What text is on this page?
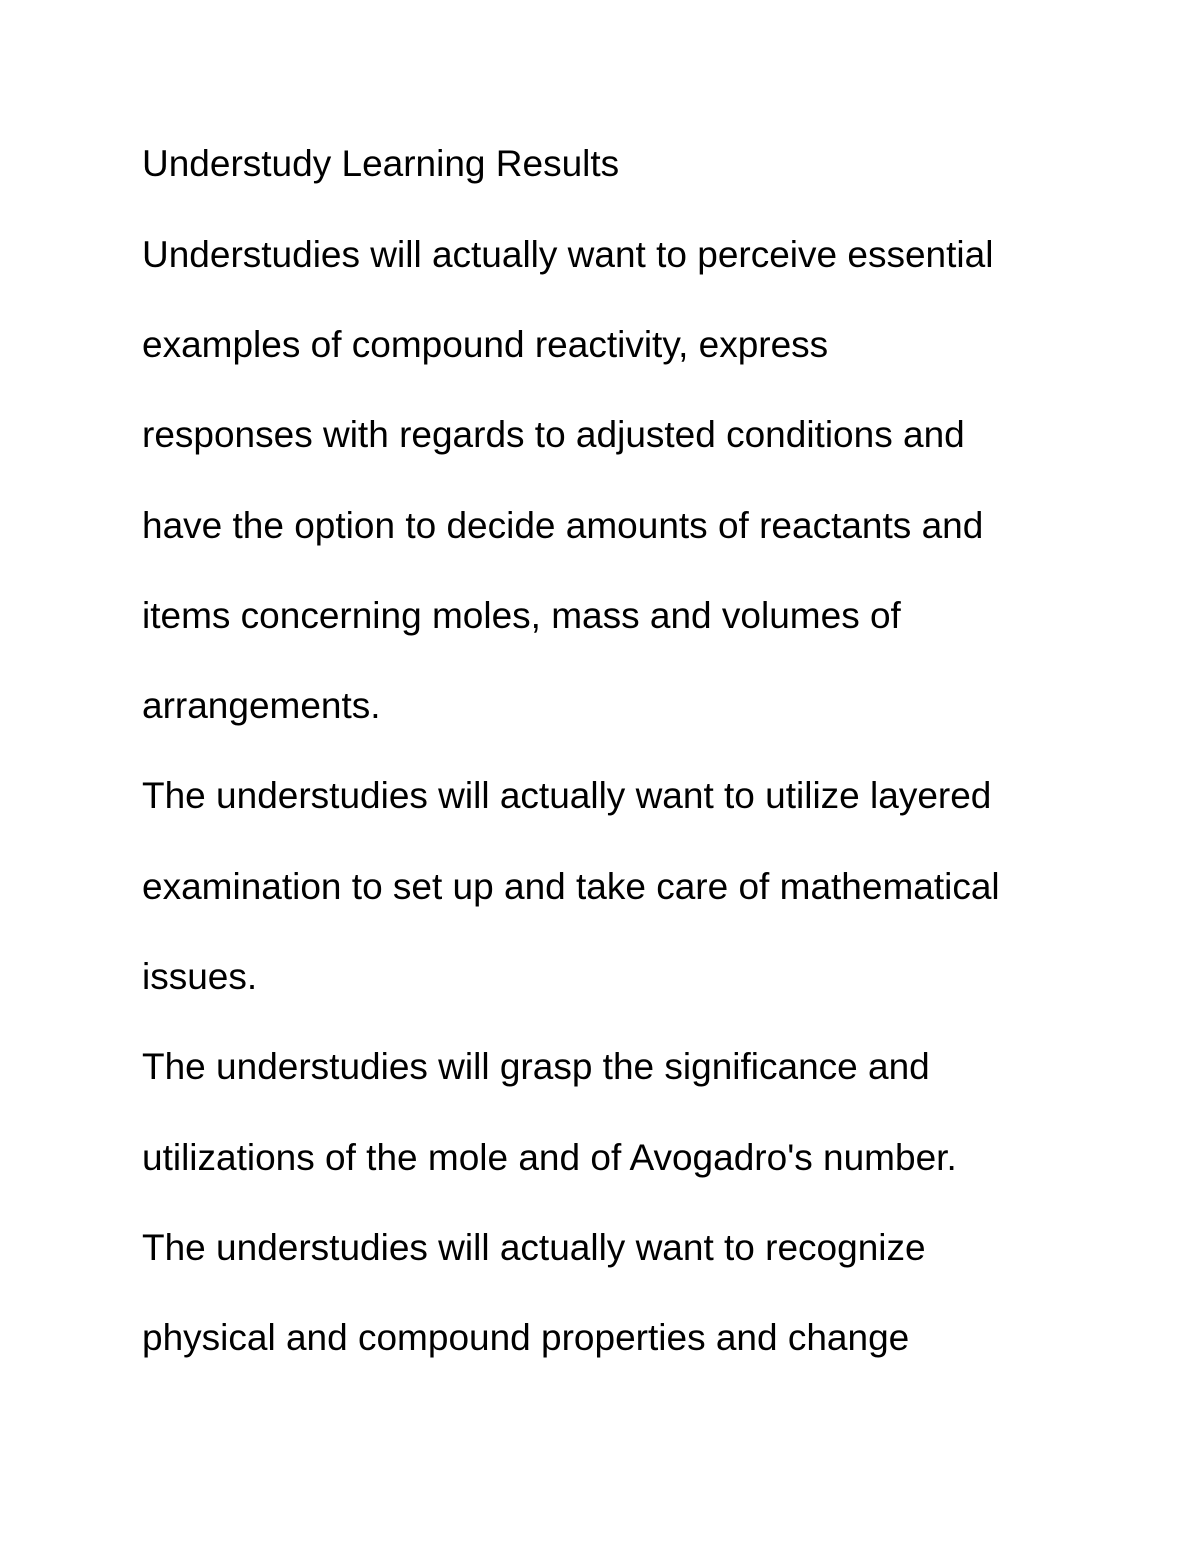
Understudy Learning Results

Understudies will actually want to perceive essential

examples of compound reactivity, express

responses with regards to adjusted conditions and

have the option to decide amounts of reactants and

items concerning moles, mass and volumes of

arrangements.

The understudies will actually want to utilize layered

examination to set up and take care of mathematical

issues.

The understudies will grasp the significance and

utilizations of the mole and of Avogadro's number.

The understudies will actually want to recognize

physical and compound properties and change
